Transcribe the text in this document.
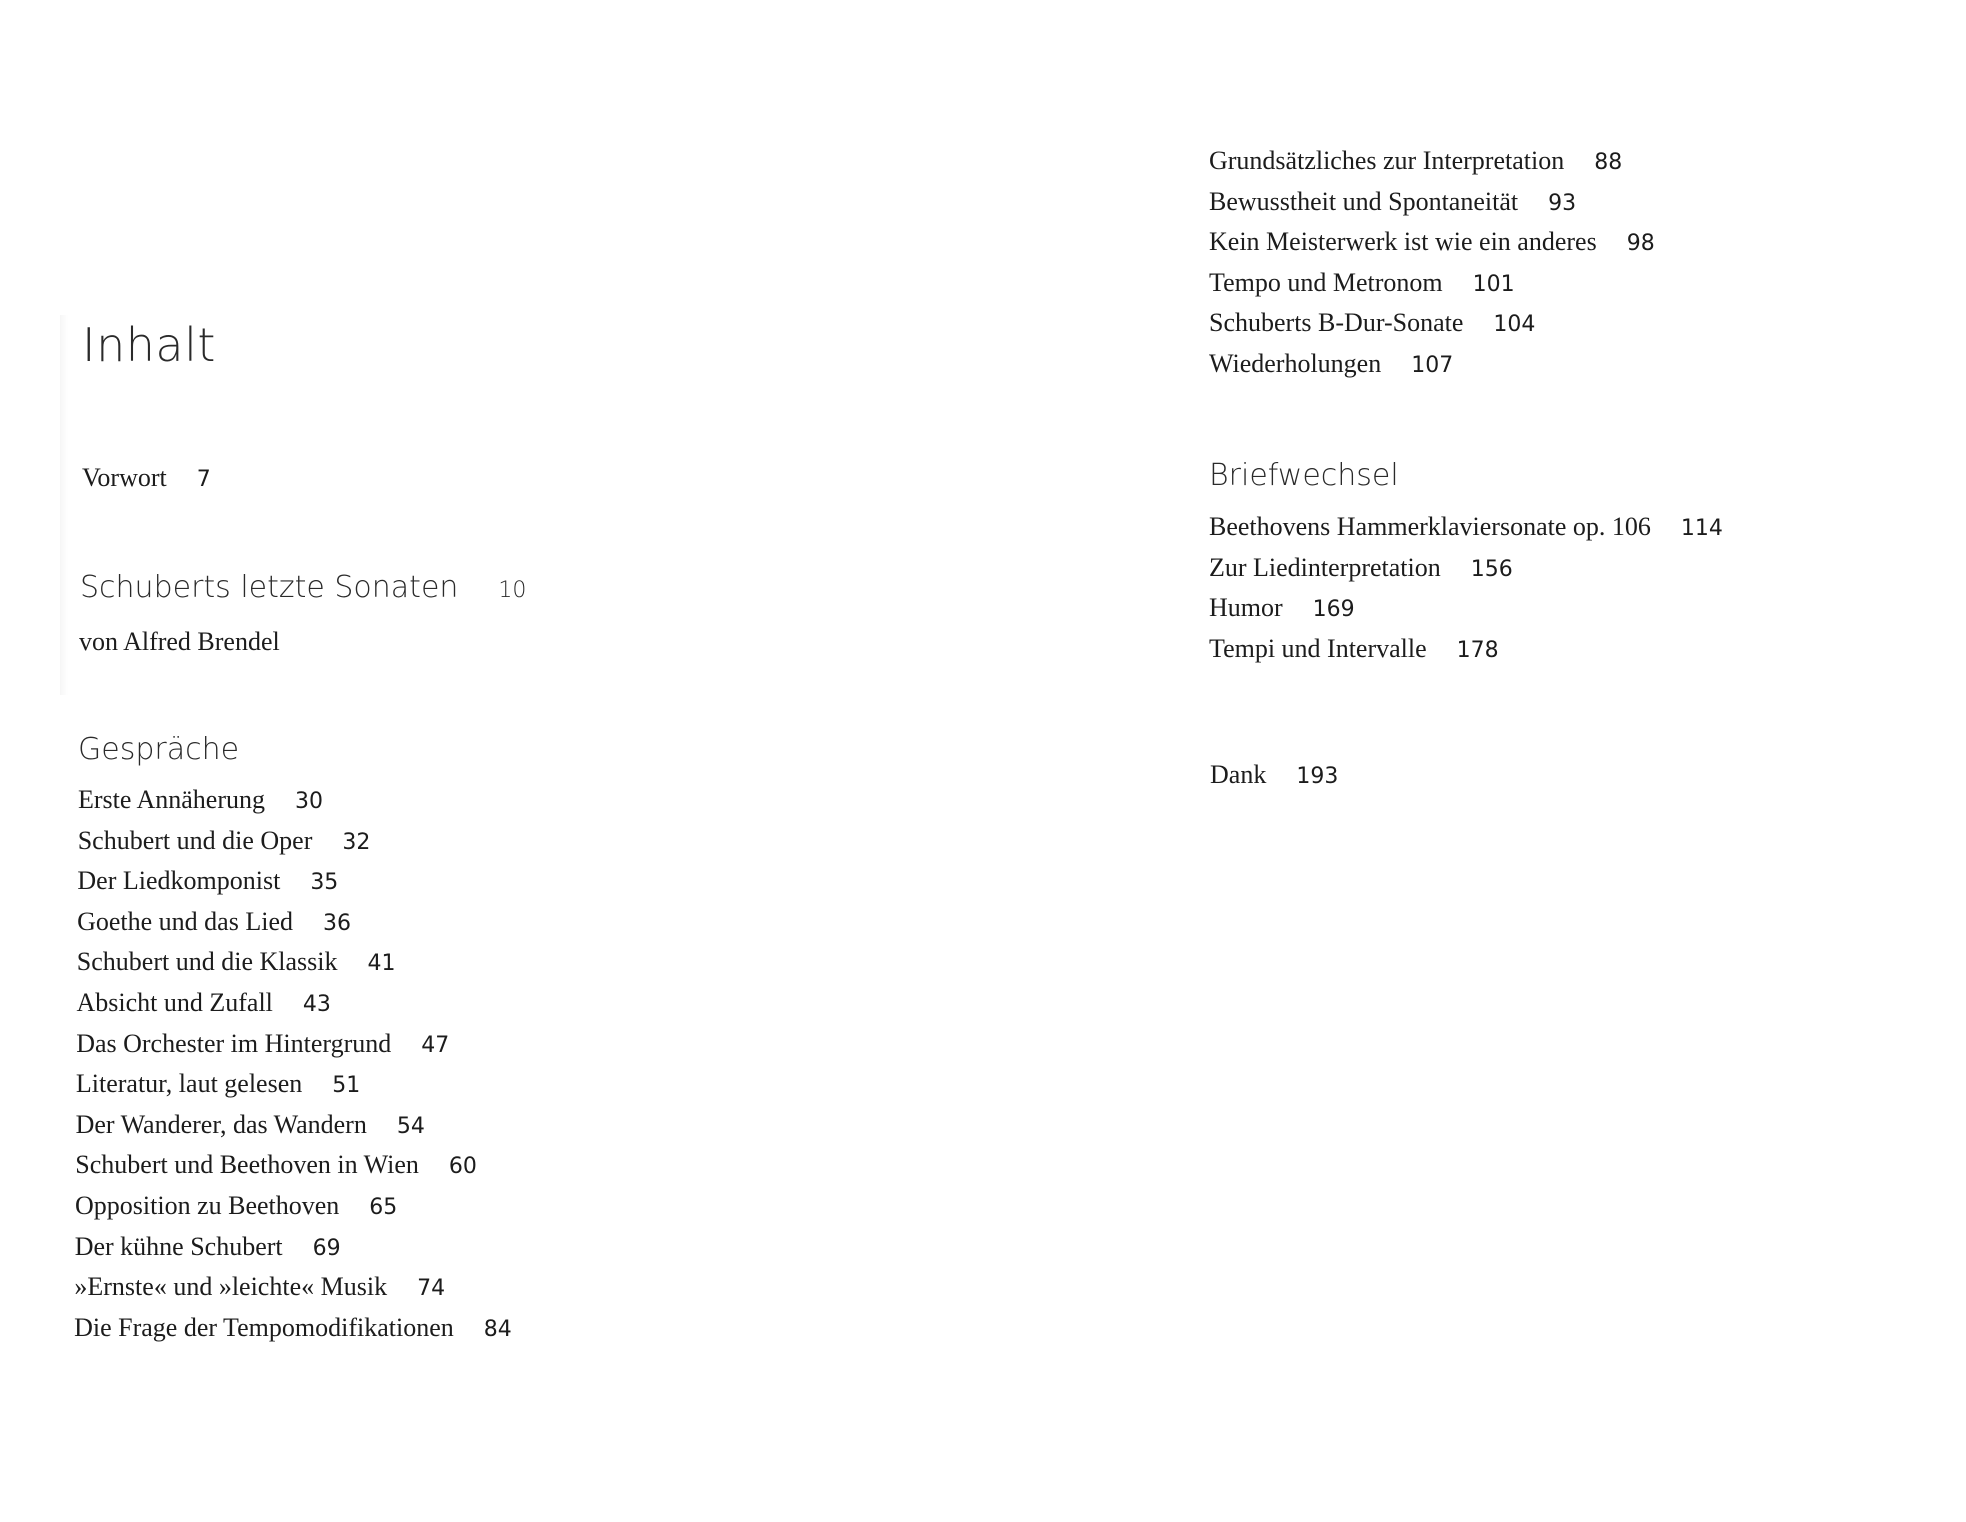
Inhalt
Vorwort 7
Schuberts letzte Sonaten 10
von Alfred Brendel
Gespräche
Erste Annäherung 30
Schubert und die Oper 32
Der Liedkomponist 35
Goethe und das Lied 36
Schubert und die Klassik 41
Absicht und Zufall 43
Das Orchester im Hintergrund 47
Literatur, laut gelesen 51
Der Wanderer, das Wandern 54
Schubert und Beethoven in Wien 60
Opposition zu Beethoven 65
Der kühne Schubert 69
»Ernste« und »leichte« Musik 74
Die Frage der Tempomodifikationen 84
Grundsätzliches zur Interpretation 88
Bewusstheit und Spontaneität 93
Kein Meisterwerk ist wie ein anderes 98
Tempo und Metronom 101
Schuberts B-Dur-Sonate 104
Wiederholungen 107
Briefwechsel
Beethovens Hammerklaviersonate op. 106 114
Zur Liedinterpretation 156
Humor 169
Tempi und Intervalle 178
Dank 193
